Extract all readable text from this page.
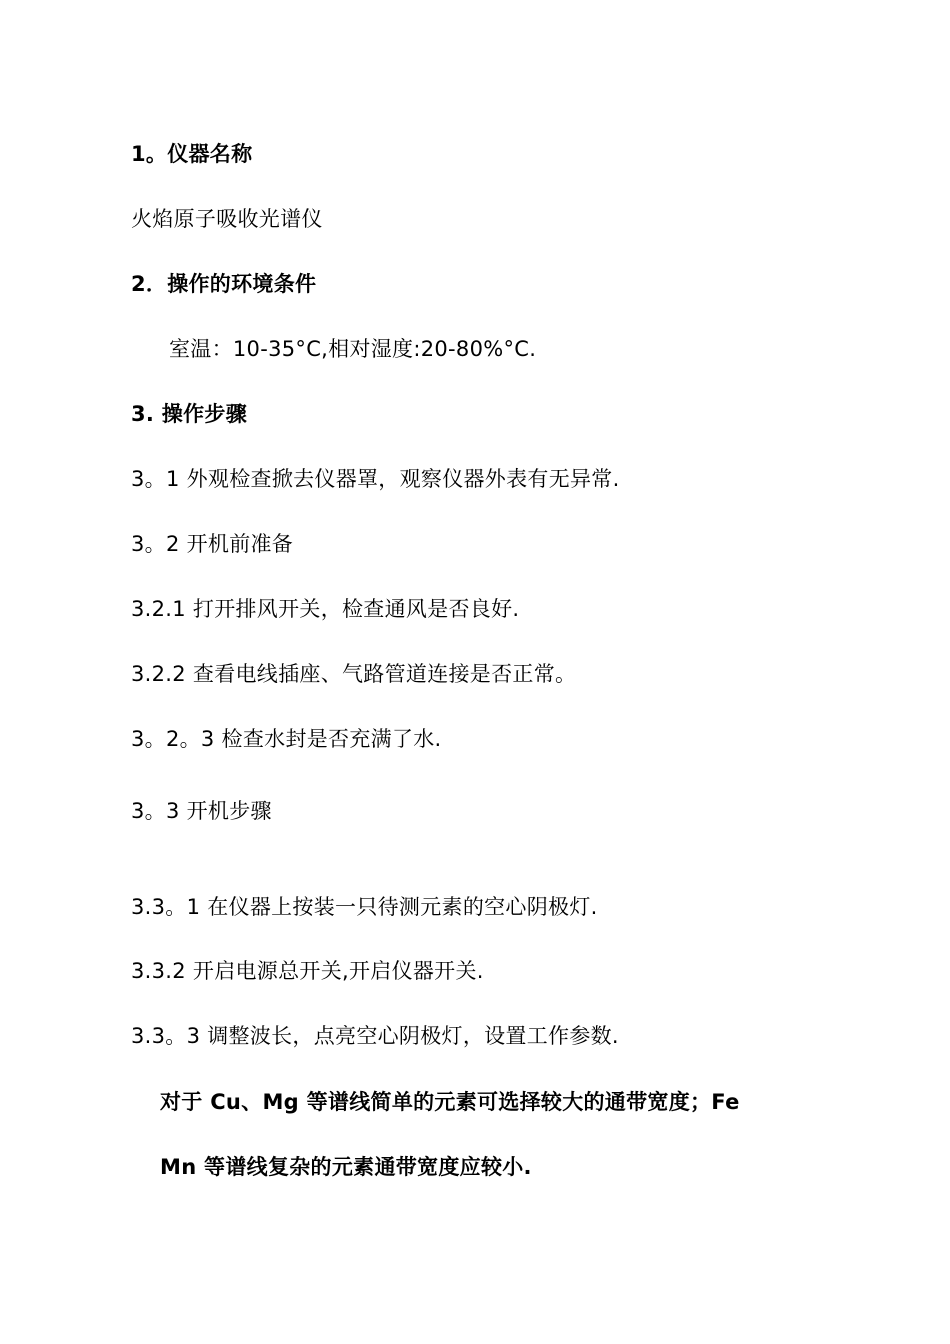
1。仪器名称
火焰原子吸收光谱仪
2．操作的环境条件
室温：10-35°C,相对湿度:20-80%°C.
3. 操作步骤
3。1 外观检查掀去仪器罩，观察仪器外表有无异常.
3。2 开机前准备
3.2.1 打开排风开关，检查通风是否良好.
3.2.2 查看电线插座、气路管道连接是否正常。
3。2。3 检查水封是否充满了水.
3。3 开机步骤
3.3。1 在仪器上按装一只待测元素的空心阴极灯.
3.3.2 开启电源总开关,开启仪器开关.
3.3。3 调整波长，点亮空心阴极灯，设置工作参数.
对于 Cu、Mg 等谱线简单的元素可选择较大的通带宽度；Fe
Mn 等谱线复杂的元素通带宽度应较小.
